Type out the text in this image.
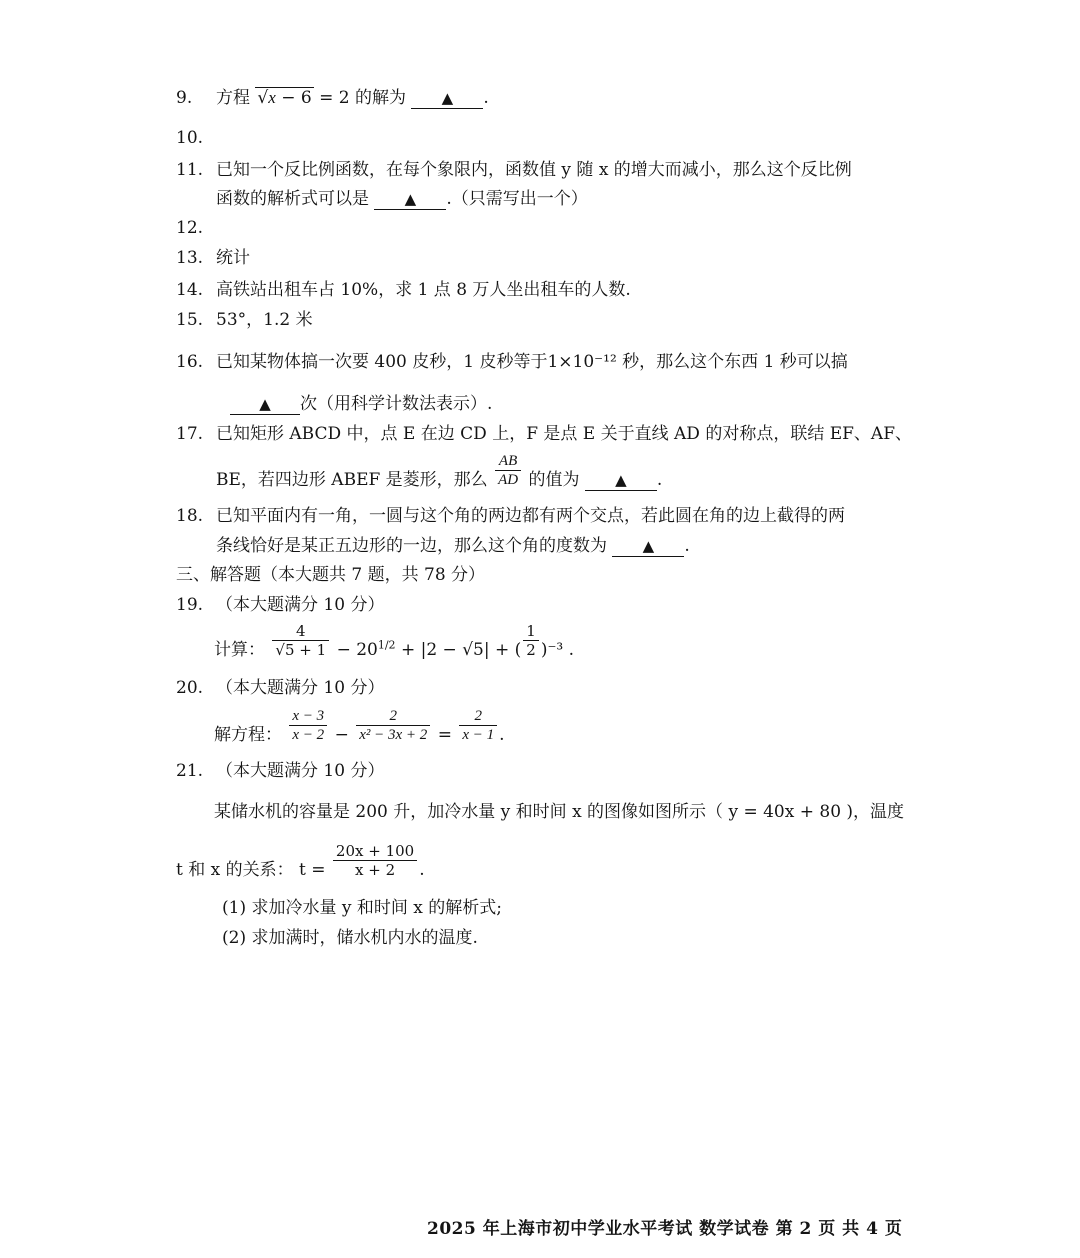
9. 方程 √x − 6 = 2 的解为 ▲ .
10.
11. 已知一个反比例函数，在每个象限内，函数值 y 随 x 的增大而减小，那么这个反比例
函数的解析式可以是 ▲ .（只需写出一个）
12.
13. 统计
14. 高铁站出租车占 10%，求 1 点 8 万人坐出租车的人数.
15. 53°，1.2 米
16. 已知某物体搞一次要 400 皮秒，1 皮秒等于1×10⁻¹² 秒，那么这个东西 1 秒可以搞
▲ 次（用科学计数法表示）.
17. 已知矩形 ABCD 中，点 E 在边 CD 上，F 是点 E 关于直线 AD 的对称点，联结 EF、AF、
BE，若四边形 ABEF 是菱形，那么 $\frac{AB}{AD}$ 的值为 ▲ .
18. 已知平面内有一角，一圆与这个角的两边都有两个交点，若此圆在角的边上截得的两
条线恰好是某正五边形的一边，那么这个角的度数为 ▲ .
三、解答题（本大题共 7 题，共 78 分）
19. （本大题满分 10 分）
计算： $\frac{4}{√5 + 1} - 20^{1/2} + |2 - √5|$ + ( $\frac{1}{2} )^{-3}$ .
20. （本大题满分 10 分）
解方程： $\frac{x - 3}{x - 2} - \frac{2}{\text{x² − 3x + 2}} = \frac{2}{x - 1}$ .
21. （本大题满分 10 分）
某储水机的容量是 200 升，加冷水量 y 和时间 x 的图像如图所示（ y = 40x + 80 )，温度
t 和 x 的关系： $t = \frac{20x + 100}{x + 2}$ .
(1) 求加冷水量 y 和时间 x 的解析式;
(2) 求加满时，储水机内水的温度.
2025 年上海市初中学业水平考试 数学试卷 第 2 页 共 4 页
